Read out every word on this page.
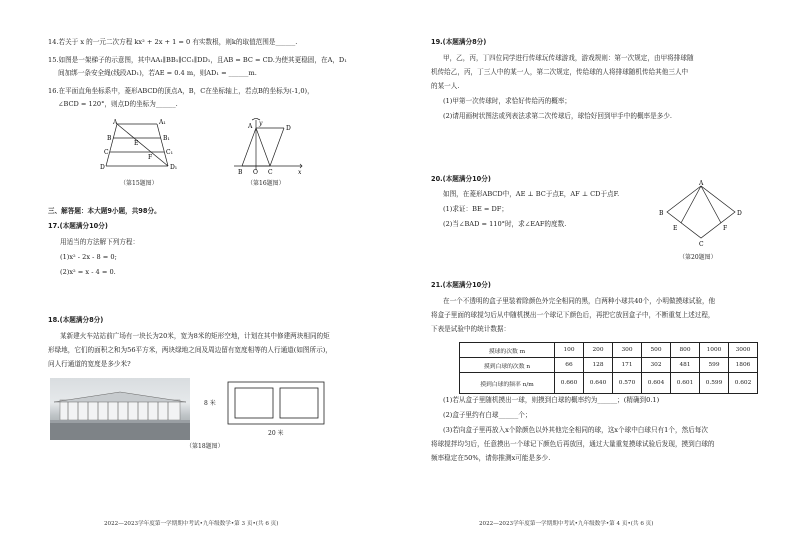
14.若关于 x 的一元二次方程 kx² + 2x + 1 = 0 有实数根，则k的取值范围是______.
15.如图是一架梯子的示意图，其中AA₁∥BB₁∥CC₁∥DD₁，且AB = BC = CD.为使其更稳固，在A，D₁
间加绑一条安全绳(线段AD₁)，若AE = 0.4 m，则AD₁ = ______m.
16.在平面直角坐标系中，菱形ABCD的顶点A，B，C在坐标轴上，若点B的坐标为(-1,0)，
∠BCD = 120°，则点D的坐标为______.
A	A₁
B	B₁
E
C	C₁
F
D	D₁
（第15题图）
A y
D
B O C	x
（第16题图）
三、解答题：本大题9小题，共98分。
17.(本题满分10分)
用适当的方法解下列方程：
(1)x² - 2x - 8 = 0;
(2)x² = x - 4 = 0.
18.(本题满分8分)
某新建火车站站前广场有一块长为20米，宽为8米的矩形空地，计划在其中修建两块相同的矩
形绿地，它们的面积之和为56平方米，两块绿地之间及周边留有宽度相等的人行通道(如图所示)，
问人行通道的宽度是多少米?
8 米
20 米
（第18题图）
2022—2023学年度第一学期期中考试•九年级数学•第 3 页•(共 6 页)
19.(本题满分8分)
甲，乙，丙，丁四位同学进行传球玩传球游戏，游戏规则：第一次规定，由甲将排球随
机传给乙，丙，丁三人中的某一人，第二次规定，传给球的人将排球随机传给其他三人中
的某一人.
(1)甲第一次传球时，求恰好传给丙的概率；
(2)请用画树状图法或列表法求第二次传球后，球恰好回到甲手中的概率是多少.
20.(本题满分10分)
如图，在菱形ABCD中，AE ⊥ BC于点E，AF ⊥ CD于点F.
(1)求证：BE = DF；
(2)当∠BAD = 110°时，求∠EAF的度数.
A
B	D
E	F
C
（第20题图）
21.(本题满分10分)
在一个不透明的盒子里装着除颜色外完全相同的黑，白两种小球共40个，小明做摸球试验，他
将盒子里面的球搅匀后从中随机摸出一个球记下颜色后，再把它放回盒子中，不断重复上述过程，
下表是试验中的统计数据：
摸球的次数 m	100	200	300	500	800	1000	3000
摸到白球的次数 n	66	128	171	302	481	599	1806
摸到白球的频率 n/m	0.660	0.640	0.570	0.604	0.601	0.599	0.602
(1)若从盒子里随机摸出一球，则摸到白球的概率约为______；(精确到0.1)
(2)盒子里约有白球______个；
(3)若向盒子里再放入x个除颜色以外其他完全相同的球，这x个球中白球只有1个，然后每次
将球搅拌均匀后，任意摸出一个球记下颜色后再放回，通过大量重复摸球试验后发现，摸到白球的
频率稳定在50%，请你推测x可能是多少.
2022—2023学年度第一学期期中考试•九年级数学•第 4 页•(共 6 页)
